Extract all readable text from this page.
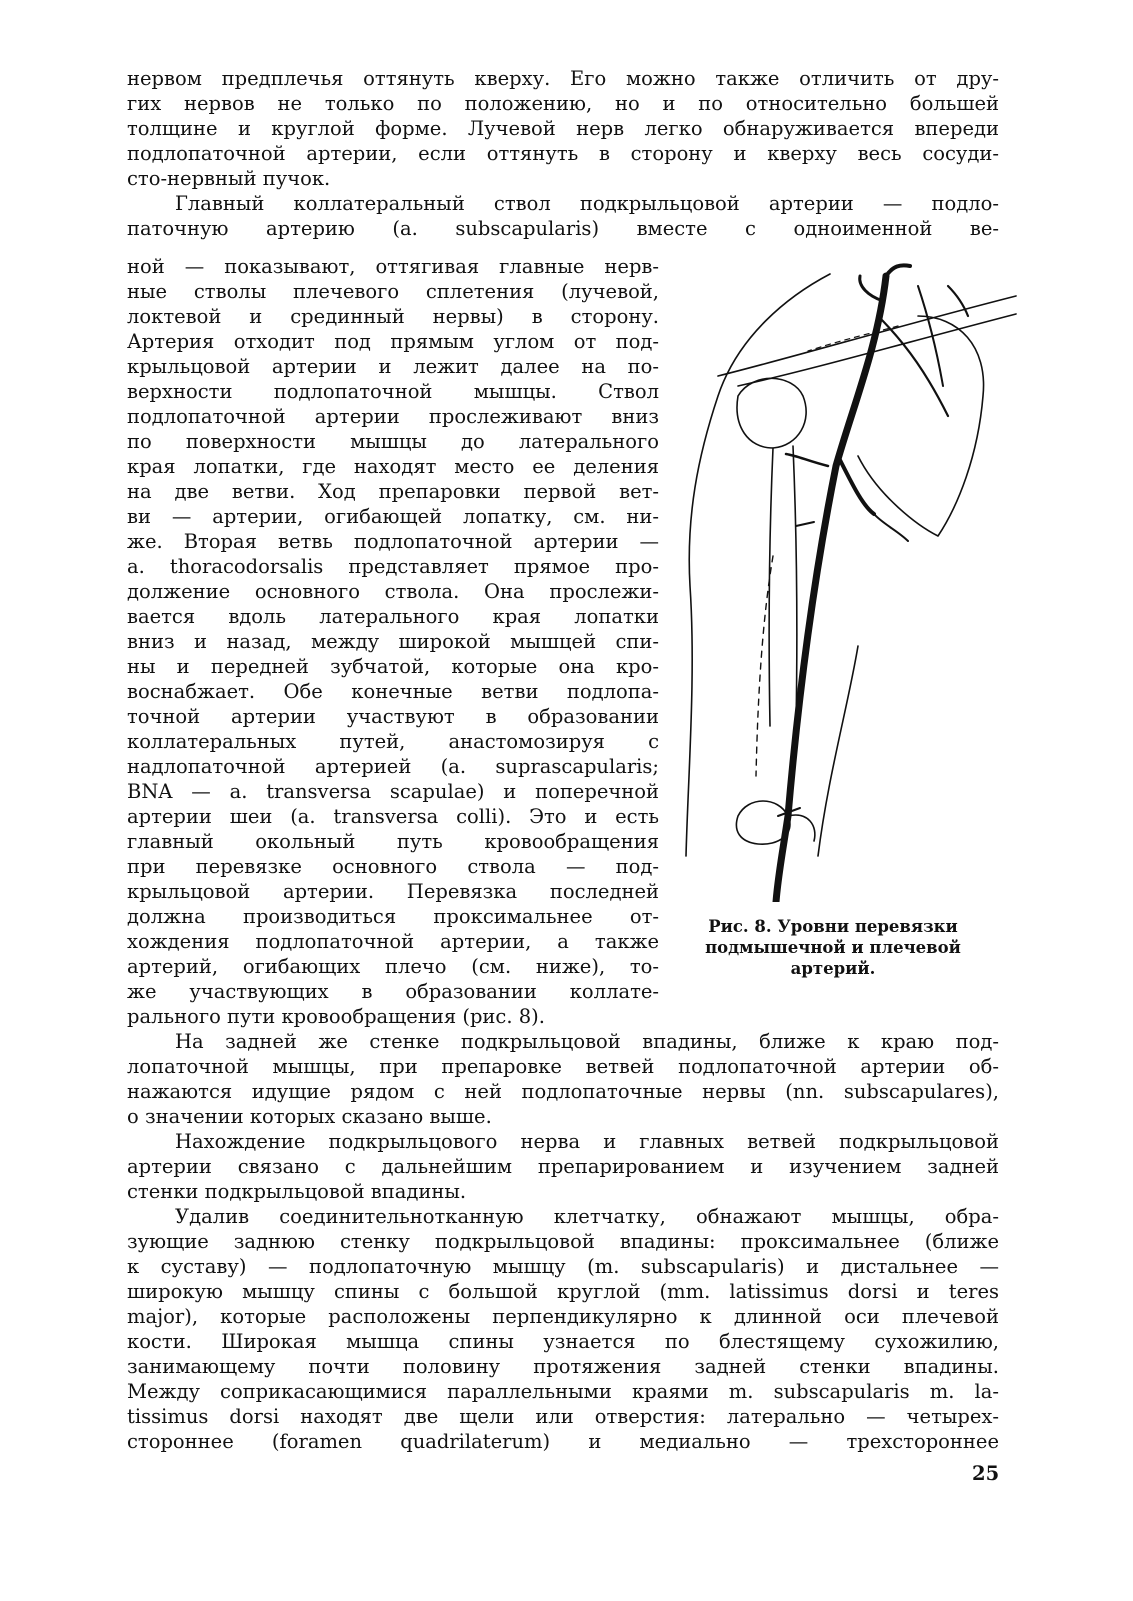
нервом предплечья оттянуть кверху. Его можно также отличить от дру-
гих нервов не только по положению, но и по относительно большей
толщине и круглой форме. Лучевой нерв легко обнаруживается впереди
подлопаточной артерии, если оттянуть в сторону и кверху весь сосуди-
сто-нервный пучок.
Главный коллатеральный ствол подкрыльцовой артерии — подло-
паточную артерию (a. subscapularis) вместе с одноименной ве-
ной — показывают, оттягивая главные нерв-
ные стволы плечевого сплетения (лучевой,
локтевой и срединный нервы) в сторону.
Артерия отходит под прямым углом от под-
крыльцовой артерии и лежит далее на по-
верхности подлопаточной мышцы. Ствол
подлопаточной артерии прослеживают вниз
по поверхности мышцы до латерального
края лопатки, где находят место ее деления
на две ветви. Ход препаровки первой вет-
ви — артерии, огибающей лопатку, см. ни-
же. Вторая ветвь подлопаточной артерии —
a. thoracodorsalis представляет прямое про-
должение основного ствола. Она прослежи-
вается вдоль латерального края лопатки
вниз и назад, между широкой мышцей спи-
ны и передней зубчатой, которые она кро-
воснабжает. Обе конечные ветви подлопа-
точной артерии участвуют в образовании
коллатеральных путей, анастомозируя с
надлопаточной артерией (a. suprascapularis;
BNA — a. transversa scapulae) и поперечной
артерии шеи (a. transversa colli). Это и есть
главный окольный путь кровообращения
при перевязке основного ствола — под-
крыльцовой артерии. Перевязка последней
должна производиться проксимальнее от-
хождения подлопаточной артерии, а также
артерий, огибающих плечо (см. ниже), то-
же участвующих в образовании коллате-
рального пути кровообращения (рис. 8).
Рис. 8. Уровни перевязки
подмышечной и плечевой
артерий.
На задней же стенке подкрыльцовой впадины, ближе к краю под-
лопаточной мышцы, при препаровке ветвей подлопаточной артерии об-
нажаются идущие рядом с ней подлопаточные нервы (nn. subscapulares),
о значении которых сказано выше.
Нахождение подкрыльцового нерва и главных ветвей подкрыльцовой
артерии связано с дальнейшим препарированием и изучением задней
стенки подкрыльцовой впадины.
Удалив соединительнотканную клетчатку, обнажают мышцы, обра-
зующие заднюю стенку подкрыльцовой впадины: проксимальнее (ближе
к суставу) — подлопаточную мышцу (m. subscapularis) и дистальнее —
широкую мышцу спины с большой круглой (mm. latissimus dorsi и teres
major), которые расположены перпендикулярно к длинной оси плечевой
кости. Широкая мышца спины узнается по блестящему сухожилию,
занимающему почти половину протяжения задней стенки впадины.
Между соприкасающимися параллельными краями m. subscapularis m. la-
tissimus dorsi находят две щели или отверстия: латерально — четырех-
стороннее (foramen quadrilaterum) и медиально — трехстороннее
25
